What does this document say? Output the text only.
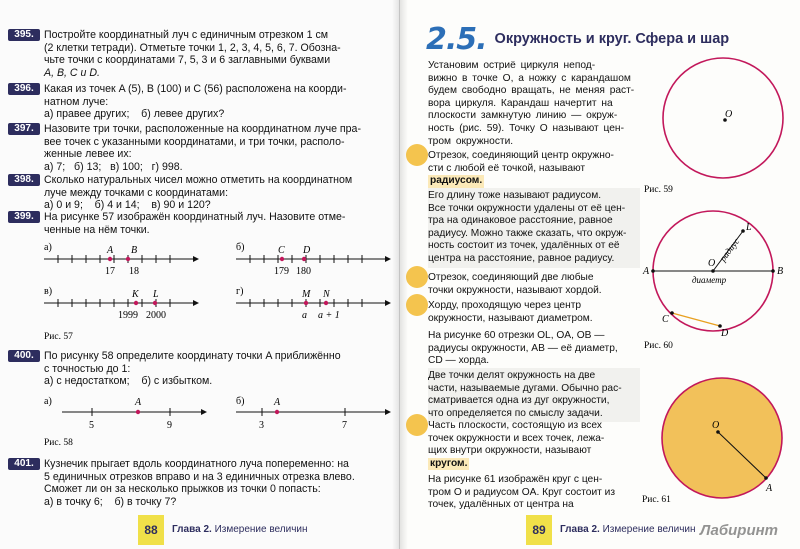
395. Постройте координатный луч с единичным отрезком 1 см
(2 клетки тетради). Отметьте точки 1, 2, 3, 4, 5, 6, 7. Обозна-
чьте точки с координатами 7, 5, 3 и 6 заглавными буквами
A, B, C и D.
396. Какая из точек A (5), B (100) и C (56) расположена на коорди-
натном луче:
а) правее других;    б) левее других?
397. Назовите три точки, расположенные на координатном луче пра-
вее точек с указанными координатами, и три точки, располо-
женные левее их:
а) 7;   б) 13;   в) 100;   г) 998.
398. Сколько натуральных чисел можно отметить на координатном
луче между точками с координатами:
а) 0 и 9;    б) 4 и 14;    в) 90 и 120?
399. На рисунке 57 изображён координатный луч. Назовите отме-
ченные на нём точки.
а)	A B
17 18
б)	C D
179 180
в)	K L
1999 2000
г)	M N
a a + 1
Рис. 57
400. По рисунку 58 определите координату точки A приближённо
с точностью до 1:
а) с недостатком;    б) с избытком.
а)	A
5	9
б)	A
3	7
Рис. 58
401. Кузнечик прыгает вдоль координатного луча попеременно: на
5 единичных отрезков вправо и на 3 единичных отрезка влево.
Сможет ли он за несколько прыжков из точки 0 попасть:
а) в точку 6;    б) в точку 7?
88	Глава 2. Измерение величин
2.5. Окружность и круг. Сфера и шар
Установим остриё циркуля непод-
вижно в точке O, а ножку с карандашом
будем свободно вращать, не меняя раст-
вора циркуля. Карандаш начертит на
плоскости замкнутую линию — окруж-
ность (рис. 59). Точку O называют цен-
тром окружности.
Отрезок, соединяющий центр окружно-
сти с любой её точкой, называют
радиусом.
Его длину тоже называют радиусом.
Все точки окружности удалены от её цен-
тра на одинаковое расстояние, равное
радиусу. Можно также сказать, что окруж-
ность состоит из точек, удалённых от её
центра на расстояние, равное радиусу.
Отрезок, соединяющий две любые
точки окружности, называют хордой.
Хорду, проходящую через центр
окружности, называют диаметром.
На рисунке 60 отрезки OL, OA, OB —
радиусы окружности, AB — её диаметр,
CD — хорда.
Две точки делят окружность на две
части, называемые дугами. Обычно рас-
сматривается одна из дуг окружности,
что определяется по смыслу задачи.
Часть плоскости, состоящую из всех
точек окружности и всех точек, лежа-
щих внутри окружности, называют
кругом.
На рисунке 61 изображён круг с цен-
тром O и радиусом OA. Круг состоит из
точек, удалённых от центра на
O
Рис. 59
A	B
C
D
L
O
диаметр
радиус
Рис. 60
O
A
Рис. 61
89	Глава 2. Измерение величин Лабиринт
